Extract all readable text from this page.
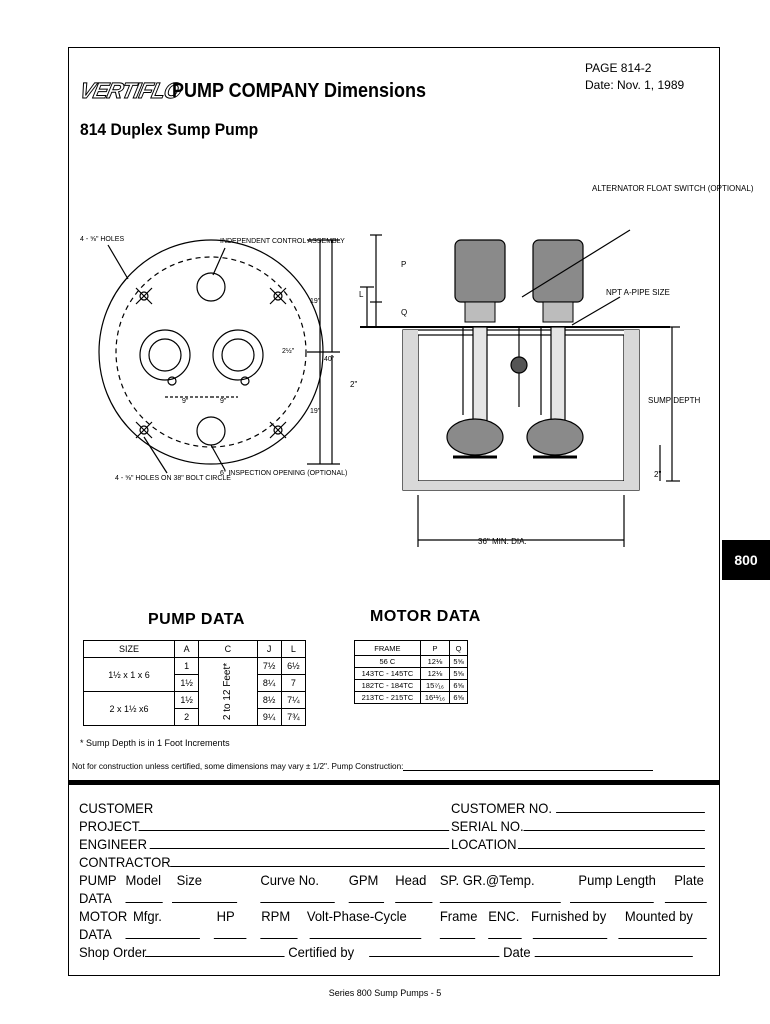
800
VERTIFLO
PUMP COMPANY Dimensions
PAGE 814-2
Date: Nov. 1, 1989
814 Duplex Sump Pump
4 - ⅝" HOLES	INDEPENDENT CONTROL ASSEMBLY
19"
40"
19"
2½"
9"	9"
4 - ⅝" HOLES ON 38" BOLT CIRCLE
6" INSPECTION OPENING (OPTIONAL)
ALTERNATOR FLOAT SWITCH (OPTIONAL)
NPT A-PIPE SIZE
P
Q
L
2"
SUMP DEPTH
2"
36" MIN. DIA.
PUMP DATA
SIZE	A	C	J	L
1½ x 1 x 6	1	2 to 12 Feet*	7½	6½
	1½		8¼	7
2 x 1½ x6	1½		8½	7¼
	2		9¼	7¾
MOTOR DATA
FRAME	P	Q
56 C	12⅛	5⅝
143TC - 145TC	12⅛	5⅝
182TC - 184TC	15⁷⁄₁₆	6⅝
213TC - 215TC	16¹¹⁄₁₆	6⅝
* Sump Depth is in 1 Foot Increments
Not for construction unless certified, some dimensions may vary ± 1/2". Pump Construction:
CUSTOMER	CUSTOMER NO.
PROJECT	SERIAL NO.
ENGINEER	LOCATION
CONTRACTOR
PUMP Model Size	Curve No. GPM Head SP. GR.@Temp.	Pump Length Plate
DATA
MOTOR Mfgr.	HP RPM Volt-Phase-Cycle Frame ENC. Furnished by Mounted by
DATA
Shop Order	Certified by	Date
Series 800 Sump Pumps - 5
